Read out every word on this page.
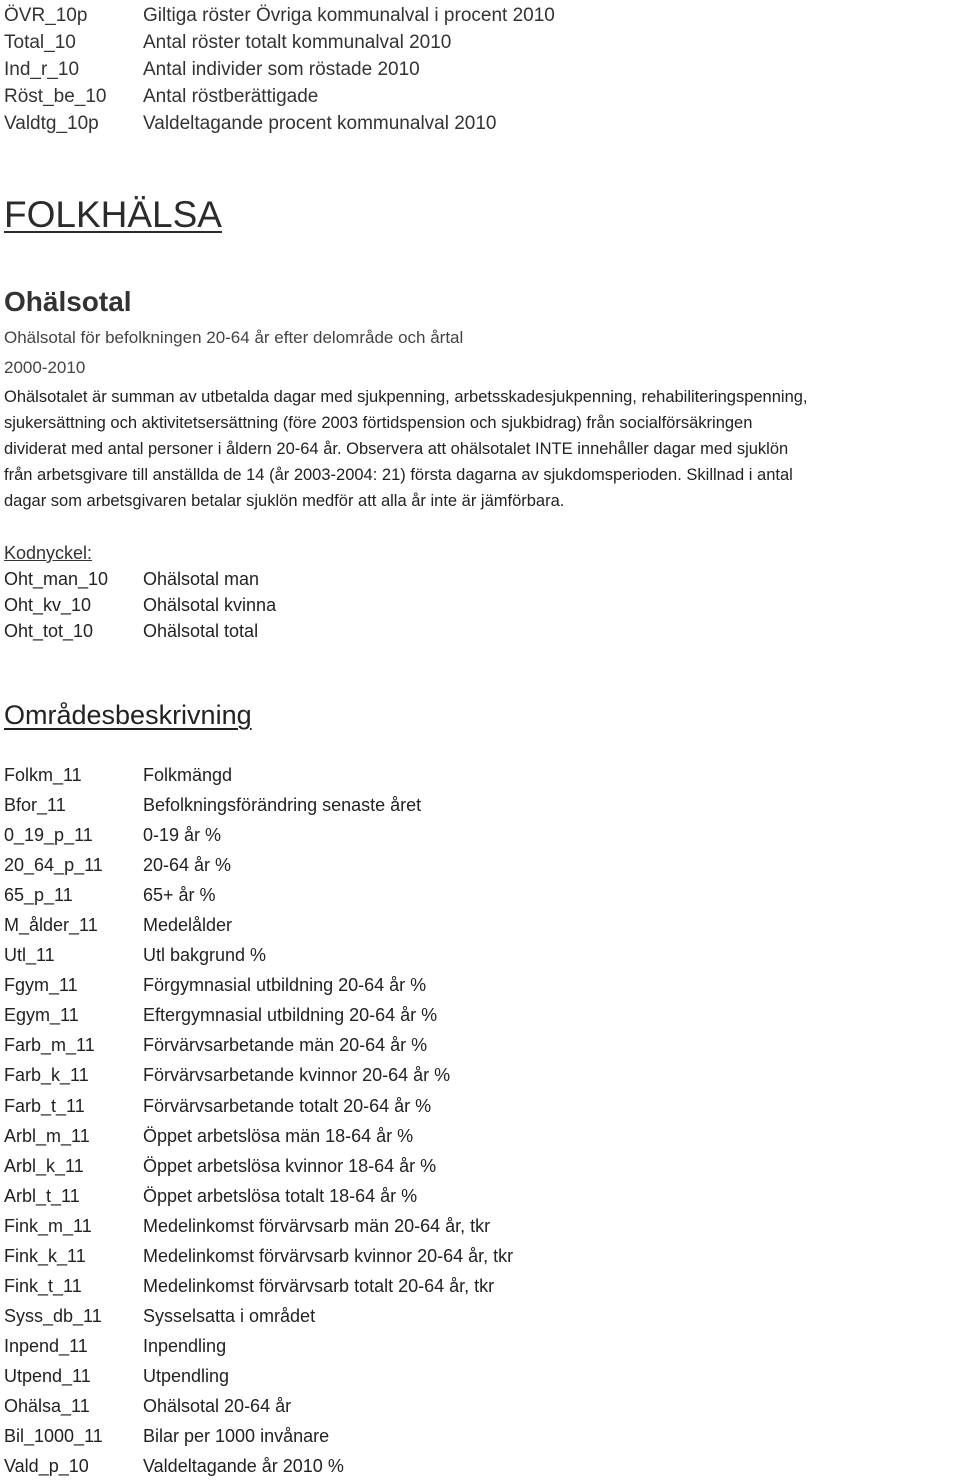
ÖVR_10p	Giltiga röster Övriga kommunalval i procent 2010
Total_10	Antal röster totalt kommunalval 2010
Ind_r_10	Antal individer som röstade 2010
Röst_be_10	Antal röstberättigade
Valdtg_10p	Valdeltagande procent kommunalval 2010
FOLKHÄLSA
Ohälsotal
Ohälsotal för befolkningen 20-64 år efter delområde och årtal
2000-2010

Ohälsotalet är summan av utbetalda dagar med sjukpenning, arbetsskadesjukpenning, rehabiliteringspenning,

sjukersättning och aktivitetsersättning (före 2003 förtidspension och sjukbidrag) från socialförsäkringen

dividerat med antal personer i åldern 20-64 år. Observera att ohälsotalet INTE innehåller dagar med sjuklön

från arbetsgivare till anställda de 14 (år 2003-2004: 21) första dagarna av sjukdomsperioden. Skillnad i antal

dagar som arbetsgivaren betalar sjuklön medför att alla år inte är jämförbara.

Kodnyckel:
Oht_man_10	Ohälsotal man
Oht_kv_10	Ohälsotal kvinna
Oht_tot_10	Ohälsotal total
Områdesbeskrivning
Folkm_11	Folkmängd
Bfor_11	Befolkningsförändring senaste året
0_19_p_11	0-19 år %
20_64_p_11	20-64 år %
65_p_11	65+ år %
M_ålder_11	Medelålder
Utl_11	Utl bakgrund %
Fgym_11	Förgymnasial utbildning 20-64 år %
Egym_11	Eftergymnasial utbildning 20-64 år %
Farb_m_11	Förvärvsarbetande män 20-64 år %
Farb_k_11	Förvärvsarbetande kvinnor 20-64 år %
Farb_t_11	Förvärvsarbetande totalt 20-64 år %
Arbl_m_11	Öppet arbetslösa män 18-64 år %
Arbl_k_11	Öppet arbetslösa kvinnor 18-64 år %
Arbl_t_11	Öppet arbetslösa totalt 18-64 år %
Fink_m_11	Medelinkomst förvärvsarb män 20-64 år, tkr
Fink_k_11	Medelinkomst förvärvsarb kvinnor 20-64 år, tkr
Fink_t_11	Medelinkomst förvärvsarb totalt 20-64 år, tkr
Syss_db_11	Sysselsatta i området
Inpend_11	Inpendling
Utpend_11	Utpendling
Ohälsa_11	Ohälsotal 20-64 år
Bil_1000_11	Bilar per 1000 invånare
Vald_p_10	Valdeltagande år 2010 %
